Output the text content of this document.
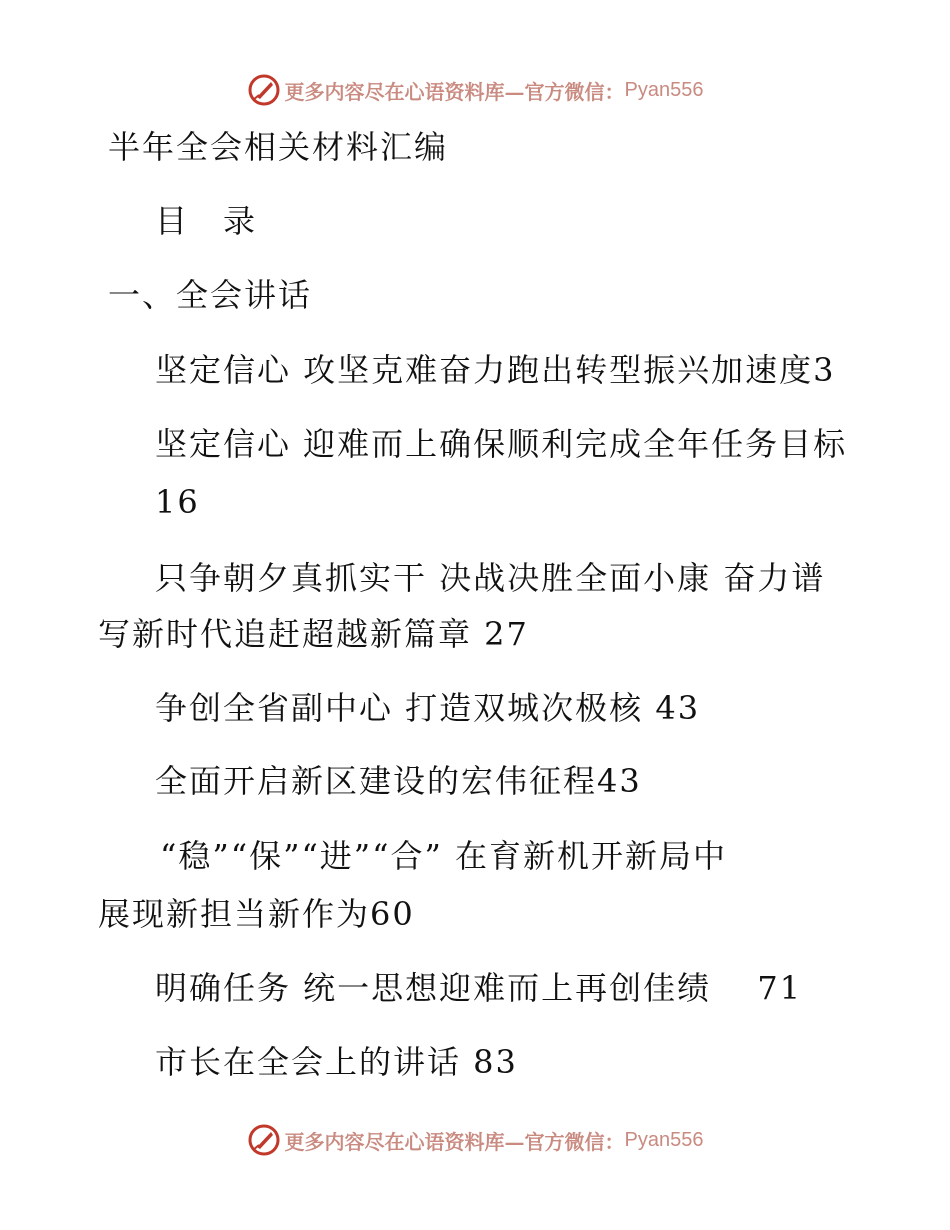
更多内容尽在心语资料库—官方微信： Pyan556
半年全会相关材料汇编
目　录
一、全会讲话
坚定信心 攻坚克难奋力跑出转型振兴加速度3
坚定信心 迎难而上确保顺利完成全年任务目标
16
只争朝夕真抓实干 决战决胜全面小康 奋力谱
写新时代追赶超越新篇章 27
争创全省副中心 打造双城次极核 43
全面开启新区建设的宏伟征程43
“稳”“保”“进”“合” 在育新机开新局中
展现新担当新作为60
明确任务 统一思想迎难而上再创佳绩　 71
市长在全会上的讲话 83
更多内容尽在心语资料库—官方微信： Pyan556
